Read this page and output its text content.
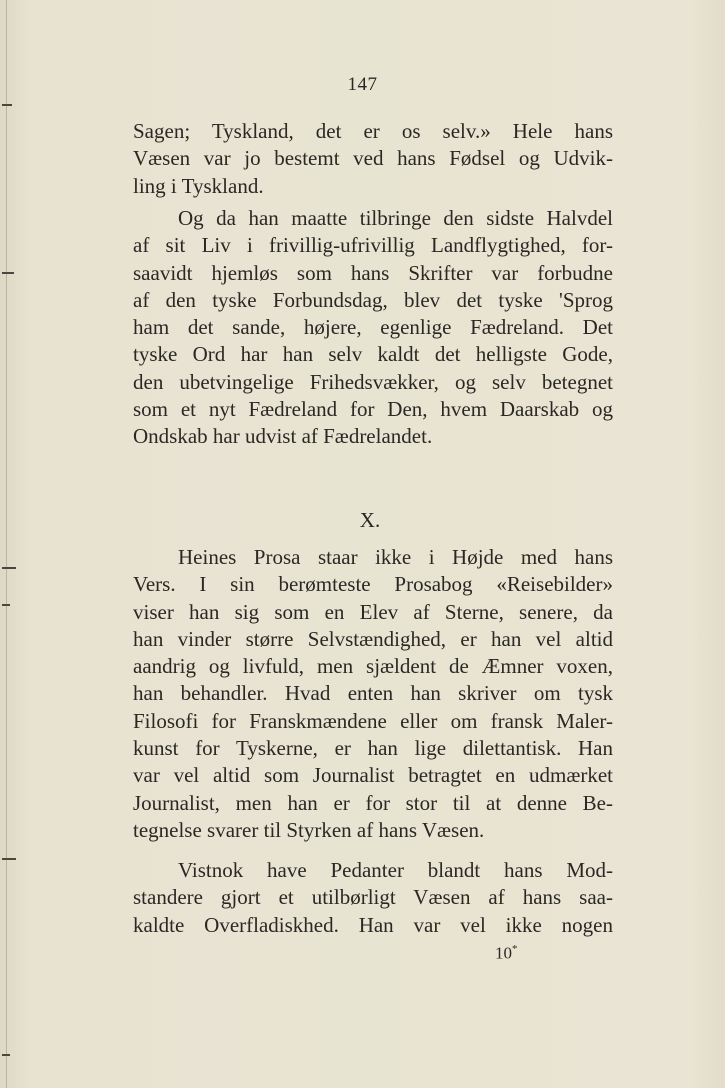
147
Sagen; Tyskland, det er os selv.» Hele hans
Væsen var jo bestemt ved hans Fødsel og Udvik-
ling i Tyskland.
Og da han maatte tilbringe den sidste Halvdel
af sit Liv i frivillig-ufrivillig Landflygtighed, for-
saavidt hjemløs som hans Skrifter var forbudne
af den tyske Forbundsdag, blev det tyske 'Sprog
ham det sande, højere, egenlige Fædreland. Det
tyske Ord har han selv kaldt det helligste Gode,
den ubetvingelige Frihedsvækker, og selv betegnet
som et nyt Fædreland for Den, hvem Daarskab og
Ondskab har udvist af Fædrelandet.
X.
Heines Prosa staar ikke i Højde med hans
Vers. I sin berømteste Prosabog «Reisebilder»
viser han sig som en Elev af Sterne, senere, da
han vinder større Selvstændighed, er han vel altid
aandrig og livfuld, men sjældent de Æmner voxen,
han behandler. Hvad enten han skriver om tysk
Filosofi for Franskmændene eller om fransk Maler-
kunst for Tyskerne, er han lige dilettantisk. Han
var vel altid som Journalist betragtet en udmærket
Journalist, men han er for stor til at denne Be-
tegnelse svarer til Styrken af hans Væsen.
Vistnok have Pedanter blandt hans Mod-
standere gjort et utilbørligt Væsen af hans saa-
kaldte Overfladiskhed. Han var vel ikke nogen
10*
